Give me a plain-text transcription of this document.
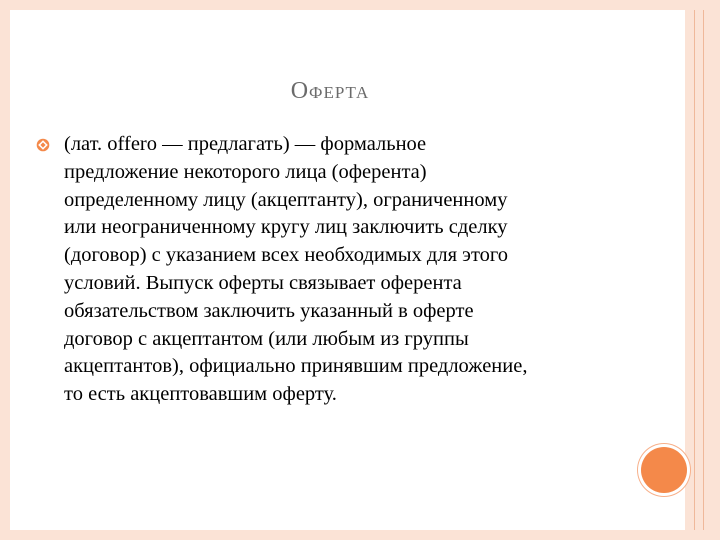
Оферта
(лат. offero — предлагать) — формальное
предложение некоторого лица (оферента)
определенному лицу (акцептанту), ограниченному
или неограниченному кругу лиц заключить сделку
(договор) с указанием всех необходимых для этого
условий. Выпуск оферты связывает оферента
обязательством заключить указанный в оферте
договор с акцептантом (или любым из группы
акцептантов), официально принявшим предложение,
то есть акцептовавшим оферту.
